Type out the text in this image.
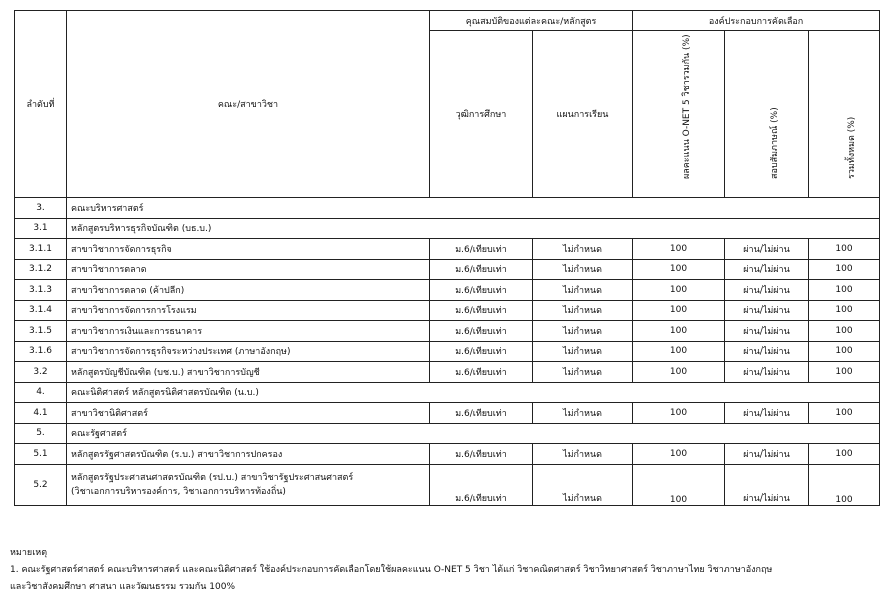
ลำดับที่	คณะ/สาขาวิชา	คุณสมบัติของแต่ละคณะ/หลักสูตร		องค์ประกอบการคัดเลือก		
		วุฒิการศึกษา	แผนการเรียน	ผลคะแนน O-NET 5 วิชารวมกัน (%)	สอบสัมภาษณ์ (%)	รวมทั้งหมด (%)

3.	คณะบริหารศาสตร์					
3.1	หลักสูตรบริหารธุรกิจบัณฑิต (บธ.บ.)					
3.1.1	สาขาวิชาการจัดการธุรกิจ	ม.6/เทียบเท่า	ไม่กำหนด	100	ผ่าน/ไม่ผ่าน	100
3.1.2	สาขาวิชาการตลาด	ม.6/เทียบเท่า	ไม่กำหนด	100	ผ่าน/ไม่ผ่าน	100
3.1.3	สาขาวิชาการตลาด (ค้าปลีก)	ม.6/เทียบเท่า	ไม่กำหนด	100	ผ่าน/ไม่ผ่าน	100
3.1.4	สาขาวิชาการจัดการการโรงแรม	ม.6/เทียบเท่า	ไม่กำหนด	100	ผ่าน/ไม่ผ่าน	100
3.1.5	สาขาวิชาการเงินและการธนาคาร	ม.6/เทียบเท่า	ไม่กำหนด	100	ผ่าน/ไม่ผ่าน	100
3.1.6	สาขาวิชาการจัดการธุรกิจระหว่างประเทศ (ภาษาอังกฤษ)	ม.6/เทียบเท่า	ไม่กำหนด	100	ผ่าน/ไม่ผ่าน	100
3.2	หลักสูตรบัญชีบัณฑิต (บช.บ.) สาขาวิชาการบัญชี	ม.6/เทียบเท่า	ไม่กำหนด	100	ผ่าน/ไม่ผ่าน	100
4.	คณะนิติศาสตร์ หลักสูตรนิติศาสตรบัณฑิต (น.บ.)					
4.1	สาขาวิชานิติศาสตร์	ม.6/เทียบเท่า	ไม่กำหนด	100	ผ่าน/ไม่ผ่าน	100
5.	คณะรัฐศาสตร์					
5.1	หลักสูตรรัฐศาสตรบัณฑิต (ร.บ.) สาขาวิชาการปกครอง	ม.6/เทียบเท่า	ไม่กำหนด	100	ผ่าน/ไม่ผ่าน	100
5.2	หลักสูตรรัฐประศาสนศาสตรบัณฑิต (รป.บ.) สาขาวิชารัฐประศาสนศาสตร์
(วิชาเอกการบริหารองค์การ, วิชาเอกการบริหารท้องถิ่น)	ม.6/เทียบเท่า	ไม่กำหนด	100	ผ่าน/ไม่ผ่าน	100
หมายเหตุ
1. คณะรัฐศาสตร์ศาสตร์ คณะบริหารศาสตร์ และคณะนิติศาสตร์ ใช้องค์ประกอบการคัดเลือกโดยใช้ผลคะแนน O-NET 5 วิชา ได้แก่ วิชาคณิตศาสตร์ วิชาวิทยาศาสตร์ วิชาภาษาไทย วิชาภาษาอังกฤษ
และวิชาสังคมศึกษา ศาสนา และวัฒนธรรม รวมกัน 100%
